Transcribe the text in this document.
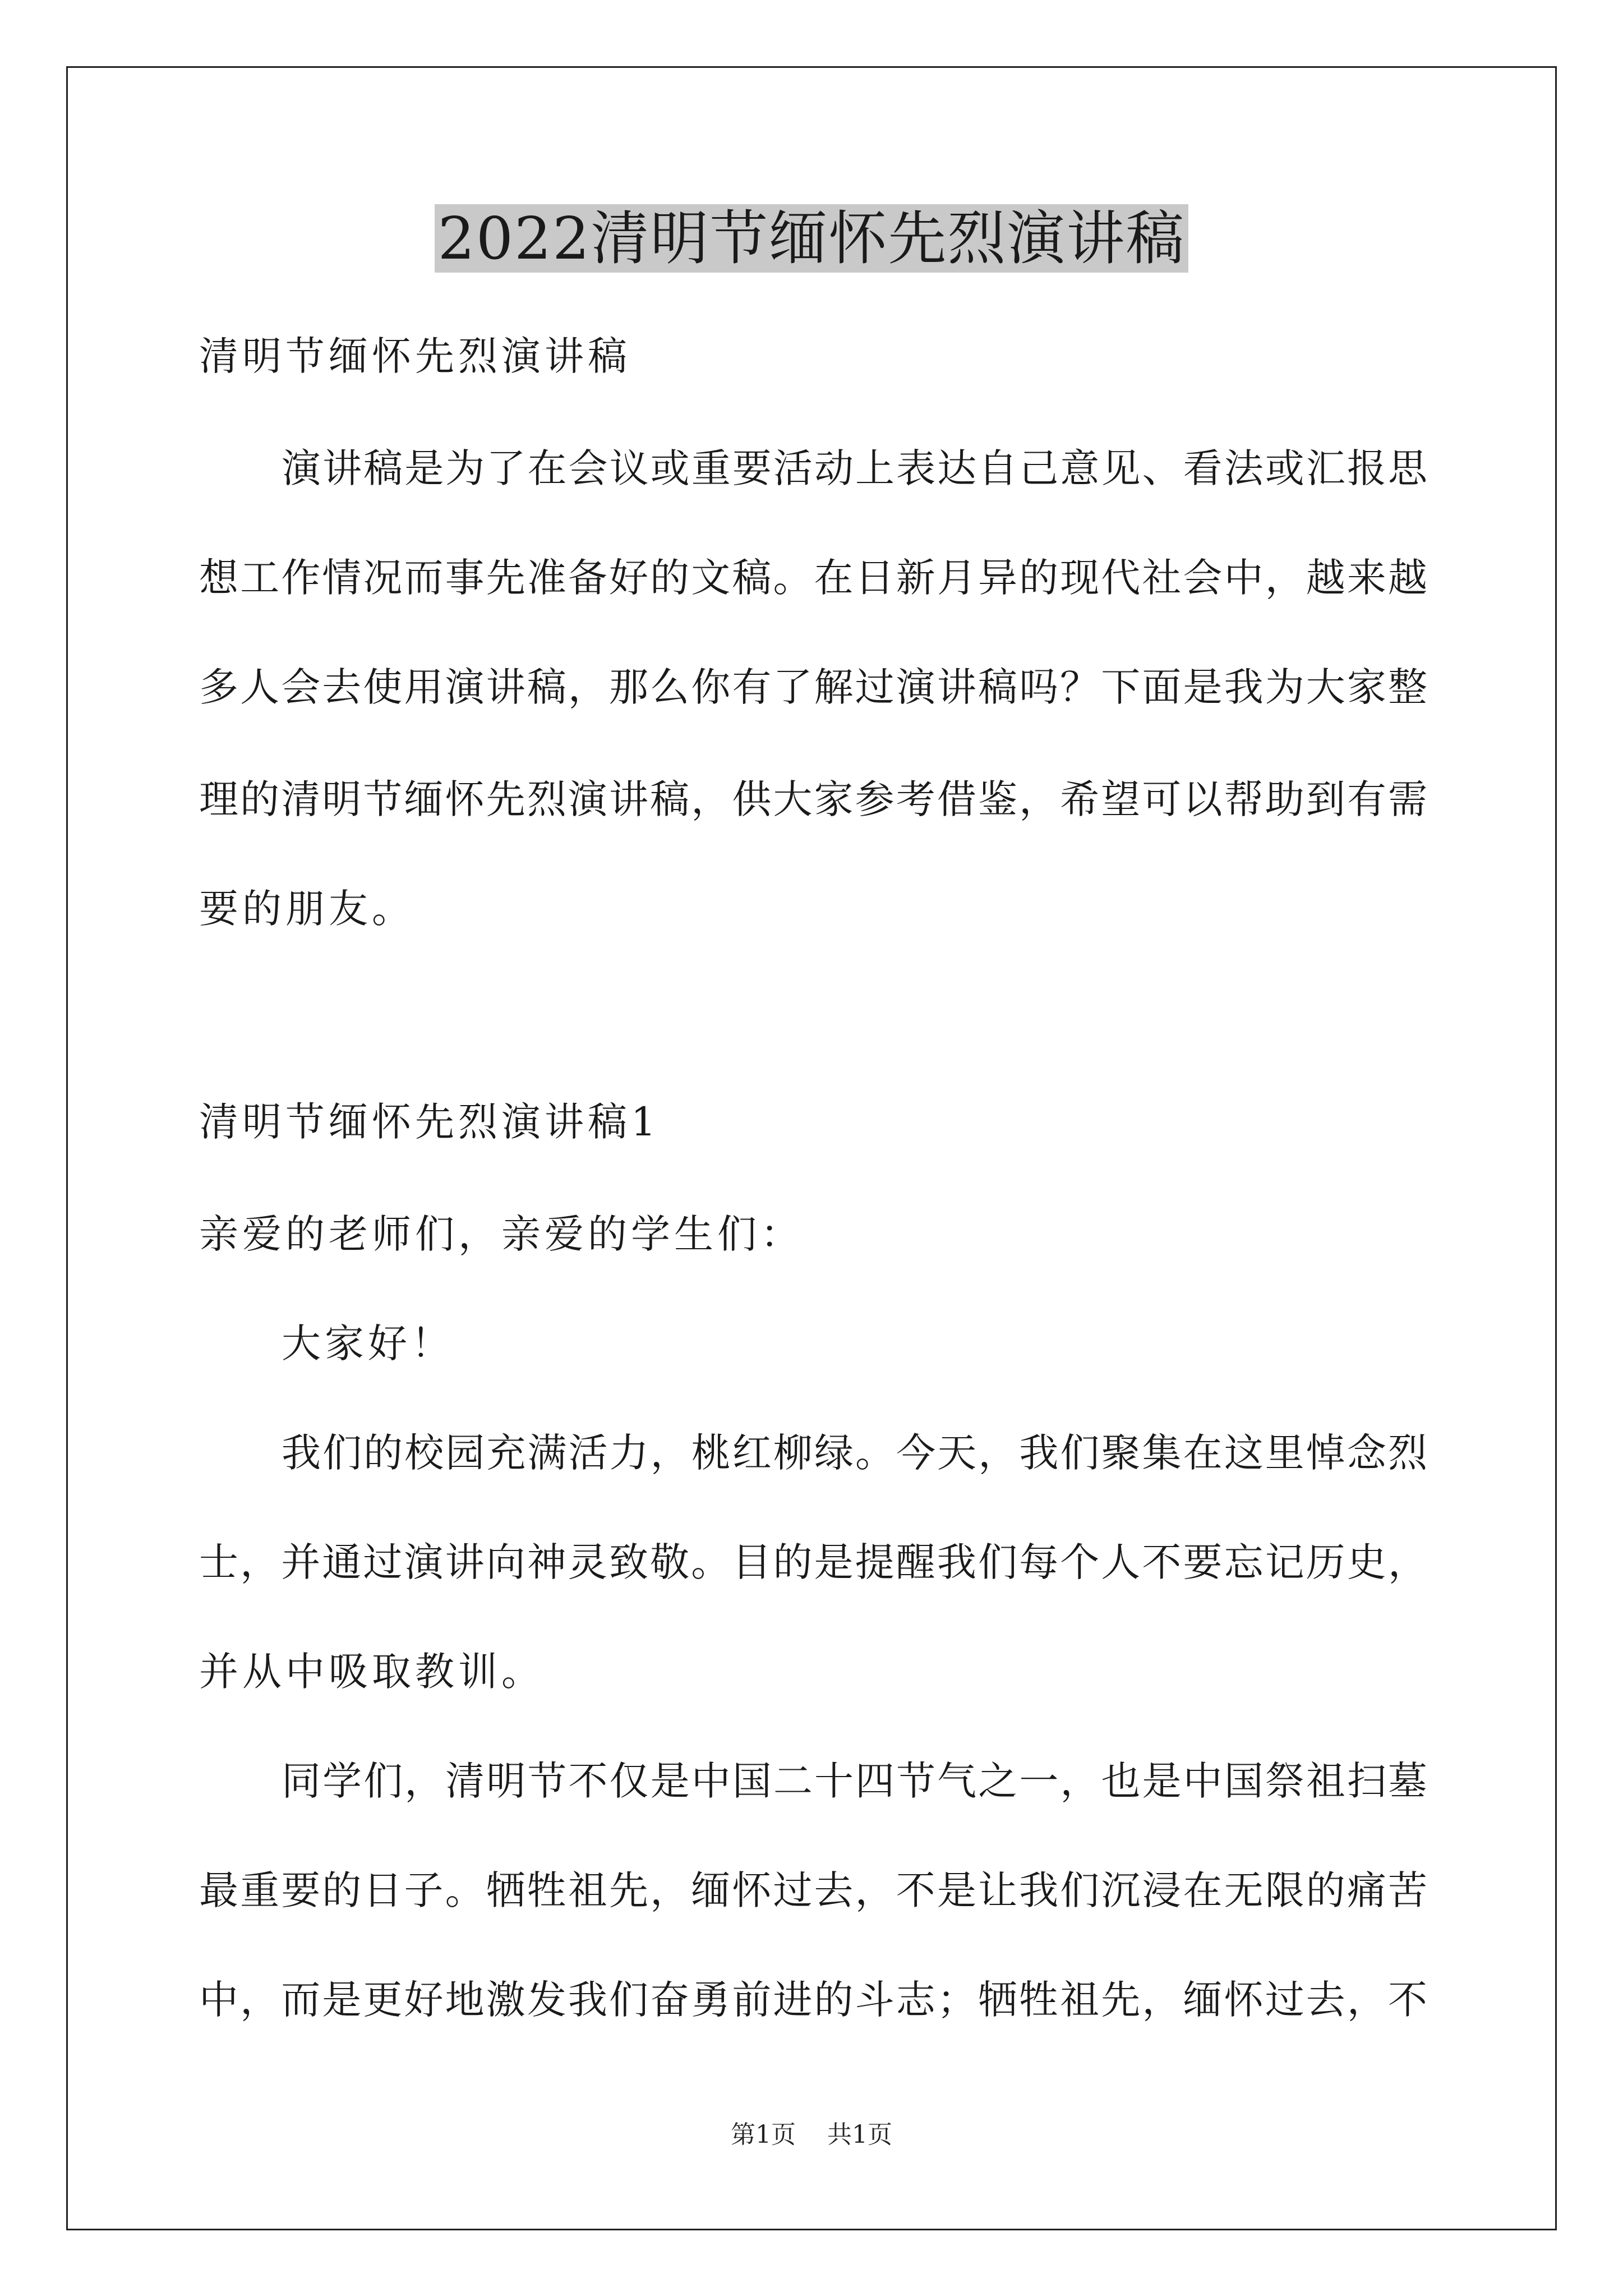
2022清明节缅怀先烈演讲稿
清明节缅怀先烈演讲稿
演讲稿是为了在会议或重要活动上表达自己意见、看法或汇报思
想工作情况而事先准备好的文稿。在日新月异的现代社会中，越来越
多人会去使用演讲稿，那么你有了解过演讲稿吗？下面是我为大家整
理的清明节缅怀先烈演讲稿，供大家参考借鉴，希望可以帮助到有需
要的朋友。
清明节缅怀先烈演讲稿1
亲爱的老师们，亲爱的学生们：
大家好！
我们的校园充满活力，桃红柳绿。今天，我们聚集在这里悼念烈
士，并通过演讲向神灵致敬。目的是提醒我们每个人不要忘记历史，
并从中吸取教训。
同学们，清明节不仅是中国二十四节气之一，也是中国祭祖扫墓
最重要的日子。牺牲祖先，缅怀过去，不是让我们沉浸在无限的痛苦
中，而是更好地激发我们奋勇前进的斗志；牺牲祖先，缅怀过去，不
第1页 共1页
